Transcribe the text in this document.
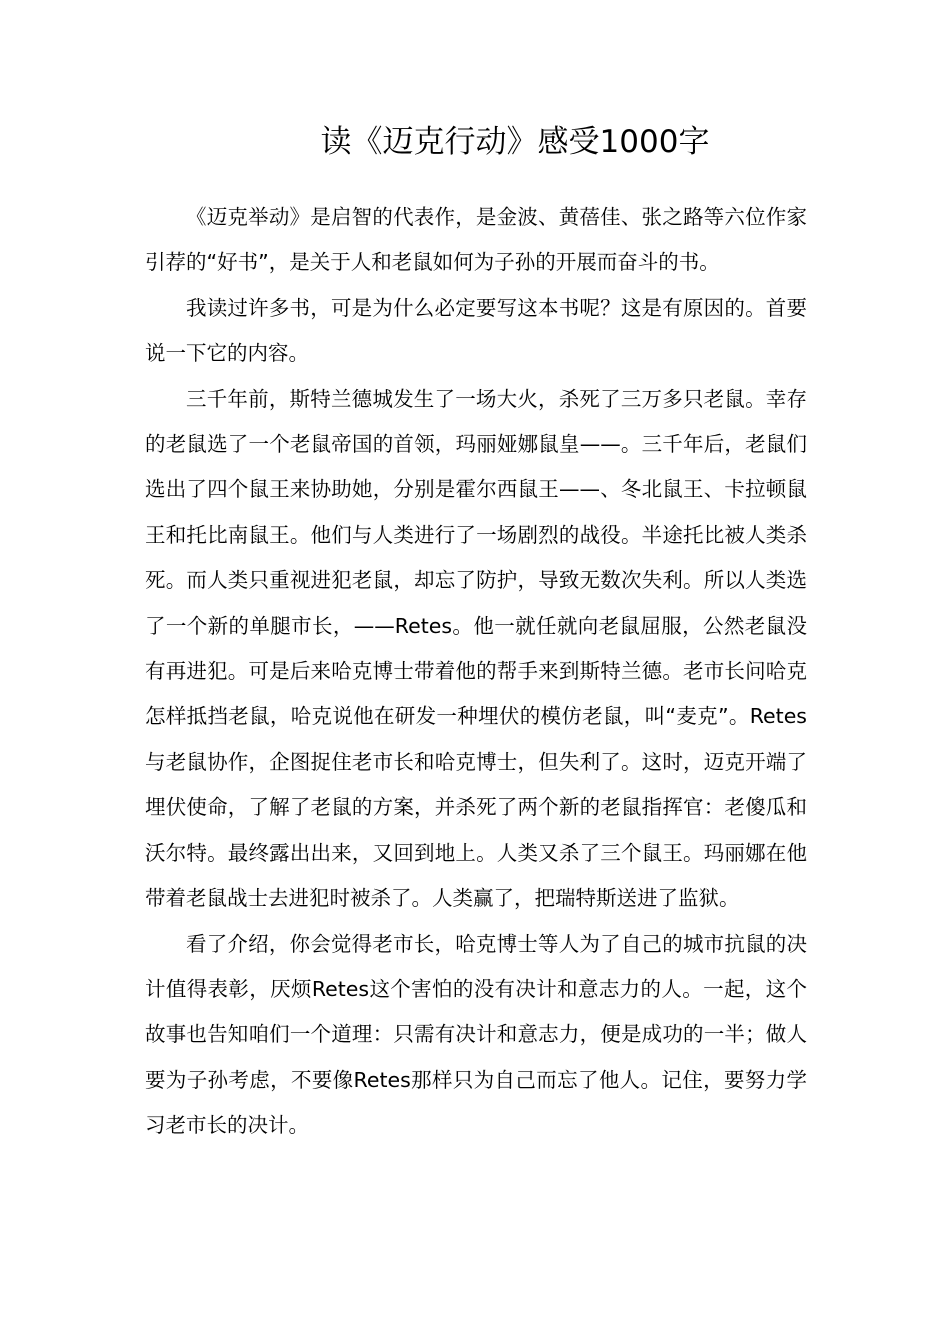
读《迈克行动》感受1000字

《迈克举动》是启智的代表作，是金波、黄蓓佳、张之路等六位作家引荐的“好书”，是关于人和老鼠如何为子孙的开展而奋斗的书。

我读过许多书，可是为什么必定要写这本书呢？这是有原因的。首要说一下它的内容。

三千年前，斯特兰德城发生了一场大火，杀死了三万多只老鼠。幸存的老鼠选了一个老鼠帝国的首领，玛丽娅娜鼠皇——。三千年后，老鼠们选出了四个鼠王来协助她，分别是霍尔西鼠王——、冬北鼠王、卡拉顿鼠王和托比南鼠王。他们与人类进行了一场剧烈的战役。半途托比被人类杀死。而人类只重视进犯老鼠，却忘了防护，导致无数次失利。所以人类选了一个新的单腿市长，——Retes。他一就任就向老鼠屈服，公然老鼠没有再进犯。可是后来哈克博士带着他的帮手来到斯特兰德。老市长问哈克怎样抵挡老鼠，哈克说他在研发一种埋伏的模仿老鼠，叫“麦克”。Retes与老鼠协作，企图捉住老市长和哈克博士，但失利了。这时，迈克开端了埋伏使命，了解了老鼠的方案，并杀死了两个新的老鼠指挥官：老傻瓜和沃尔特。最终露出出来，又回到地上。人类又杀了三个鼠王。玛丽娜在他带着老鼠战士去进犯时被杀了。人类赢了，把瑞特斯送进了监狱。

看了介绍，你会觉得老市长，哈克博士等人为了自己的城市抗鼠的决计值得表彰，厌烦Retes这个害怕的没有决计和意志力的人。一起，这个故事也告知咱们一个道理：只需有决计和意志力，便是成功的一半；做人要为子孙考虑，不要像Retes那样只为自己而忘了他人。记住，要努力学习老市长的决计。
